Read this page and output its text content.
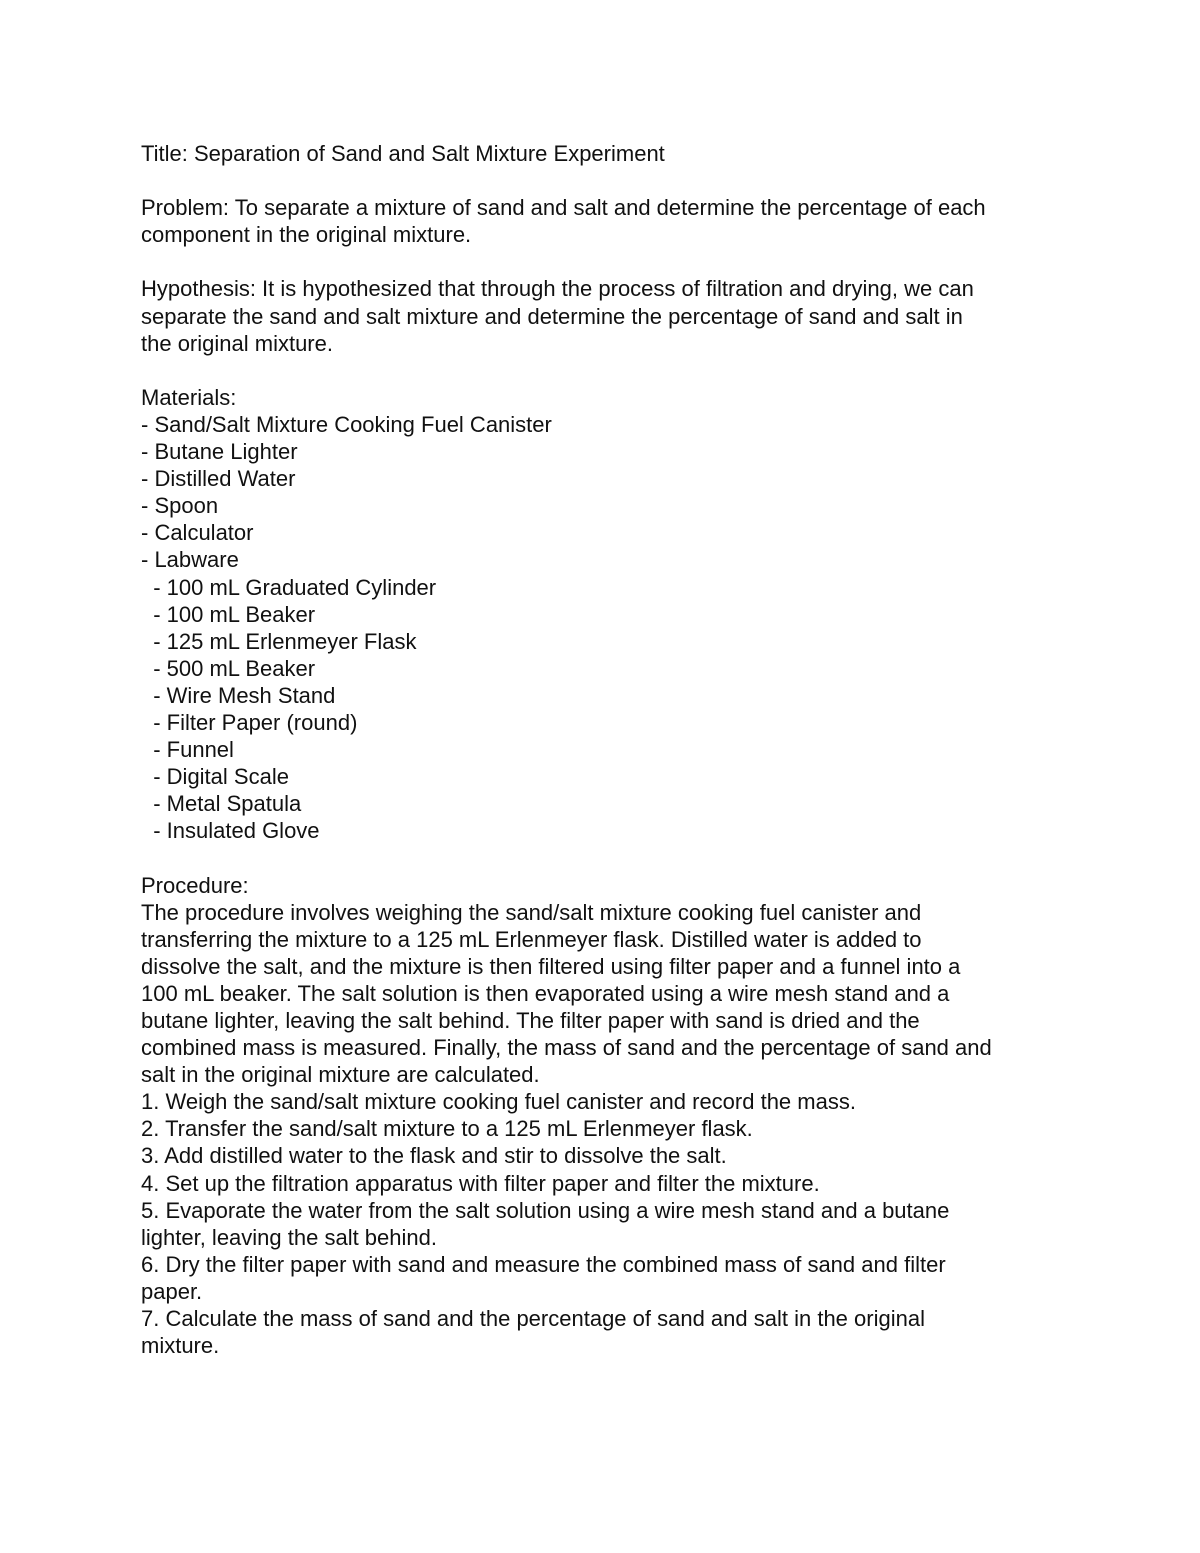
Title: Separation of Sand and Salt Mixture Experiment
Problem: To separate a mixture of sand and salt and determine the percentage of each
component in the original mixture.
Hypothesis: It is hypothesized that through the process of filtration and drying, we can
separate the sand and salt mixture and determine the percentage of sand and salt in
the original mixture.
Materials:
- Sand/Salt Mixture Cooking Fuel Canister
- Butane Lighter
- Distilled Water
- Spoon
- Calculator
- Labware
- 100 mL Graduated Cylinder
- 100 mL Beaker
- 125 mL Erlenmeyer Flask
- 500 mL Beaker
- Wire Mesh Stand
- Filter Paper (round)
- Funnel
- Digital Scale
- Metal Spatula
- Insulated Glove
Procedure:
The procedure involves weighing the sand/salt mixture cooking fuel canister and
transferring the mixture to a 125 mL Erlenmeyer flask. Distilled water is added to
dissolve the salt, and the mixture is then filtered using filter paper and a funnel into a
100 mL beaker. The salt solution is then evaporated using a wire mesh stand and a
butane lighter, leaving the salt behind. The filter paper with sand is dried and the
combined mass is measured. Finally, the mass of sand and the percentage of sand and
salt in the original mixture are calculated.
1. Weigh the sand/salt mixture cooking fuel canister and record the mass.
2. Transfer the sand/salt mixture to a 125 mL Erlenmeyer flask.
3. Add distilled water to the flask and stir to dissolve the salt.
4. Set up the filtration apparatus with filter paper and filter the mixture.
5. Evaporate the water from the salt solution using a wire mesh stand and a butane
lighter, leaving the salt behind.
6. Dry the filter paper with sand and measure the combined mass of sand and filter
paper.
7. Calculate the mass of sand and the percentage of sand and salt in the original
mixture.
